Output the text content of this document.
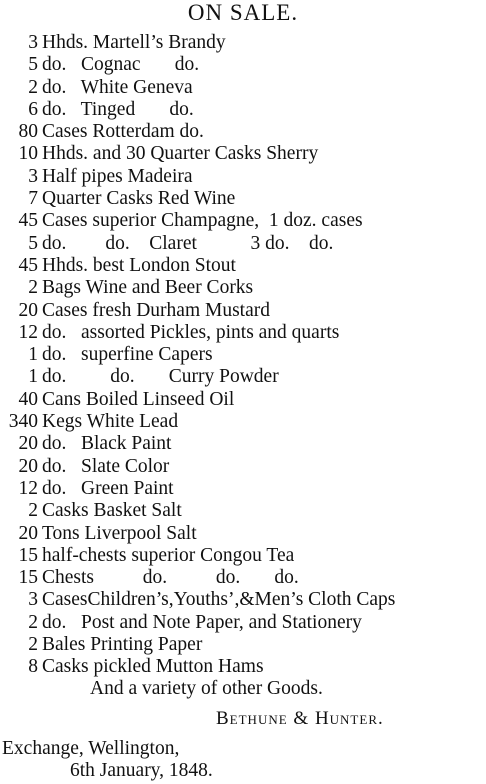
ON SALE.
3 Hhds. Martell’s Brandy
5 do.   Cognac       do.
2 do.   White Geneva
6 do.   Tinged       do.
80 Cases Rotterdam do.
10 Hhds. and 30 Quarter Casks Sherry
3 Half pipes Madeira
7 Quarter Casks Red Wine
45 Cases superior Champagne,  1 doz. cases
5 do.        do.    Claret           3 do.    do.
45 Hhds. best London Stout
2 Bags Wine and Beer Corks
20 Cases fresh Durham Mustard
12 do.   assorted Pickles, pints and quarts
1 do.   superfine Capers
1 do.         do.       Curry Powder
40 Cans Boiled Linseed Oil
340 Kegs White Lead
20 do.   Black Paint
20 do.   Slate Color
12 do.   Green Paint
2 Casks Basket Salt
20 Tons Liverpool Salt
15 half-chests superior Congou Tea
15 Chests          do.          do.       do.
3 CasesChildren’s,Youths’,&Men’s Cloth Caps
2 do.   Post and Note Paper, and Stationery
2 Bales Printing Paper
8 Casks pickled Mutton Hams
And a variety of other Goods.
Bethune & Hunter.
Exchange, Wellington,
6th January, 1848.
